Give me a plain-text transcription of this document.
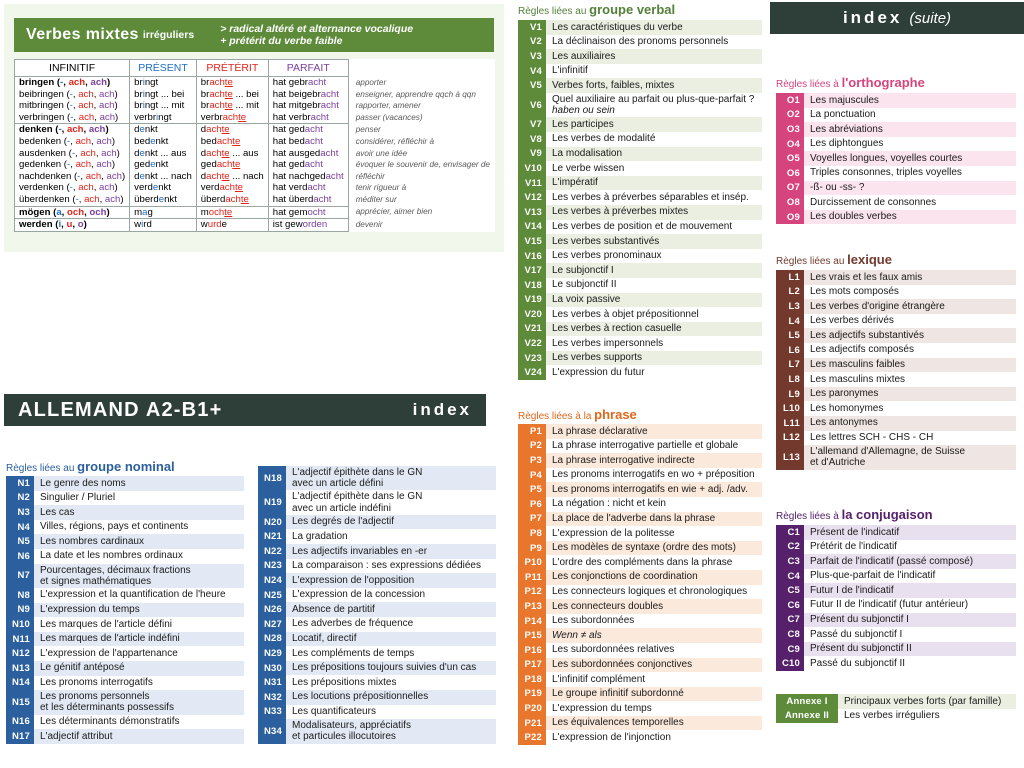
Verbes mixtes irréguliers > radical altéré et alternance vocalique
+ prétérit du verbe faible
INFINITIF	PRÉSENT	PRÉTÉRIT	PARFAIT	
bringen (-, ach, ach)	bringt	brachte	hat gebracht	apporter
beibringen (-, ach, ach)	bringt ... bei	brachte ... bei	hat beigebracht	enseigner, apprendre qqch à qqn
mitbringen (-, ach, ach)	bringt ... mit	brachte ... mit	hat mitgebracht	rapporter, amener
verbringen (-, ach, ach)	verbringt	verbrachte	hat verbracht	passer (vacances)
denken (-, ach, ach)	denkt	dachte	hat gedacht	penser
bedenken (-, ach, ach)	bedenkt	bedachte	hat bedacht	considérer, réfléchir à
ausdenken (-, ach, ach)	denkt ... aus	dachte ... aus	hat ausgedacht	avoir une idée
gedenken (-, ach, ach)	gedenkt	gedachte	hat gedacht	évoquer le souvenir de, envisager de
nachdenken (-, ach, ach)	denkt ... nach	dachte ... nach	hat nachgedacht	réfléchir
verdenken (-, ach, ach)	verdenkt	verdachte	hat verdacht	tenir rigueur à
überdenken (-, ach, ach)	überdenkt	überdachte	hat überdacht	méditer sur
mögen (a, och, och)	mag	mochte	hat gemocht	apprécier, aimer bien
werden (i, u, o)	wird	wurde	ist geworden	devenir
ALLEMAND A2-B1+	index
Règles liées au groupe nominal
N1	Le genre des noms
N2	Singulier / Pluriel
N3	Les cas
N4	Villes, régions, pays et continents
N5	Les nombres cardinaux
N6	La date et les nombres ordinaux
N7
Pourcentages, décimaux fractions
et signes mathématiques
N8	L'expression et la quantification de l'heure
N9	L'expression du temps
N10	Les marques de l'article défini
N11	Les marques de l'article indéfini
N12	L'expression de l'appartenance
N13	Le génitif antéposé
N14	Les pronoms interrogatifs
N15
Les pronoms personnels
et les déterminants possessifs
N16	Les déterminants démonstratifs
N17	L'adjectif attribut
N18
L'adjectif épithète dans le GN
avec un article défini
N19
L'adjectif épithète dans le GN
avec un article indéfini
N20	Les degrés de l'adjectif
N21	La gradation
N22	Les adjectifs invariables en -er
N23	La comparaison : ses expressions dédiées
N24	L'expression de l'opposition
N25	L'expression de la concession
N26	Absence de partitif
N27	Les adverbes de fréquence
N28	Locatif, directif
N29	Les compléments de temps
N30	Les prépositions toujours suivies d'un cas
N31	Les prépositions mixtes
N32	Les locutions prépositionnelles
N33	Les quantificateurs
N34
Modalisateurs, appréciatifs
et particules illocutoires
Règles liées au groupe verbal
V1	Les caractéristiques du verbe
V2	La déclinaison des pronoms personnels
V3	Les auxiliaires
V4	L'infinitif
V5	Verbes forts, faibles, mixtes
V6
Quel auxiliaire au parfait ou plus-que-parfait ?
haben ou sein
V7	Les participes
V8	Les verbes de modalité
V9	La modalisation
V10	Le verbe wissen
V11	L'impératif
V12	Les verbes à préverbes séparables et insép.
V13	Les verbes à préverbes mixtes
V14	Les verbes de position et de mouvement
V15	Les verbes substantivés
V16	Les verbes pronominaux
V17	Le subjonctif I
V18	Le subjonctif II
V19	La voix passive
V20	Les verbes à objet prépositionnel
V21	Les verbes à rection casuelle
V22	Les verbes impersonnels
V23	Les verbes supports
V24	L'expression du futur
Règles liées à la phrase
P1	La phrase déclarative
P2	La phrase interrogative partielle et globale
P3	La phrase interrogative indirecte
P4	Les pronoms interrogatifs en wo + préposition
P5	Les pronoms interrogatifs en wie + adj. /adv.
P6	La négation : nicht et kein
P7	La place de l'adverbe dans la phrase
P8	L'expression de la politesse
P9	Les modèles de syntaxe (ordre des mots)
P10	L'ordre des compléments dans la phrase
P11	Les conjonctions de coordination
P12	Les connecteurs logiques et chronologiques
P13	Les connecteurs doubles
P14	Les subordonnées
P15	Wenn ≠ als
P16	Les subordonnées relatives
P17	Les subordonnées conjonctives
P18	L'infinitif complément
P19	Le groupe infinitif subordonné
P20	L'expression du temps
P21	Les équivalences temporelles
P22	L'expression de l'injonction
index (suite)
Règles liées à l'orthographe
O1	Les majuscules
O2	La ponctuation
O3	Les abréviations
O4	Les diphtongues
O5	Voyelles longues, voyelles courtes
O6	Triples consonnes, triples voyelles
O7	-ß- ou -ss- ?
O8	Durcissement de consonnes
O9	Les doubles verbes
Règles liées au lexique
L1	Les vrais et les faux amis
L2	Les mots composés
L3	Les verbes d'origine étrangère
L4	Les verbes dérivés
L5	Les adjectifs substantivés
L6	Les adjectifs composés
L7	Les masculins faibles
L8	Les masculins mixtes
L9	Les paronymes
L10	Les homonymes
L11	Les antonymes
L12	Les lettres SCH - CHS - CH
L13
L'allemand d'Allemagne, de Suisse
et d'Autriche
Règles liées à la conjugaison
C1	Présent de l'indicatif
C2	Prétérit de l'indicatif
C3	Parfait de l'indicatif (passé composé)
C4	Plus-que-parfait de l'indicatif
C5	Futur I de l'indicatif
C6	Futur II de l'indicatif (futur antérieur)
C7	Présent du subjonctif I
C8	Passé du subjonctif I
C9	Présent du subjonctif II
C10	Passé du subjonctif II
Annexe I	Principaux verbes forts (par famille)
Annexe II	Les verbes irréguliers
